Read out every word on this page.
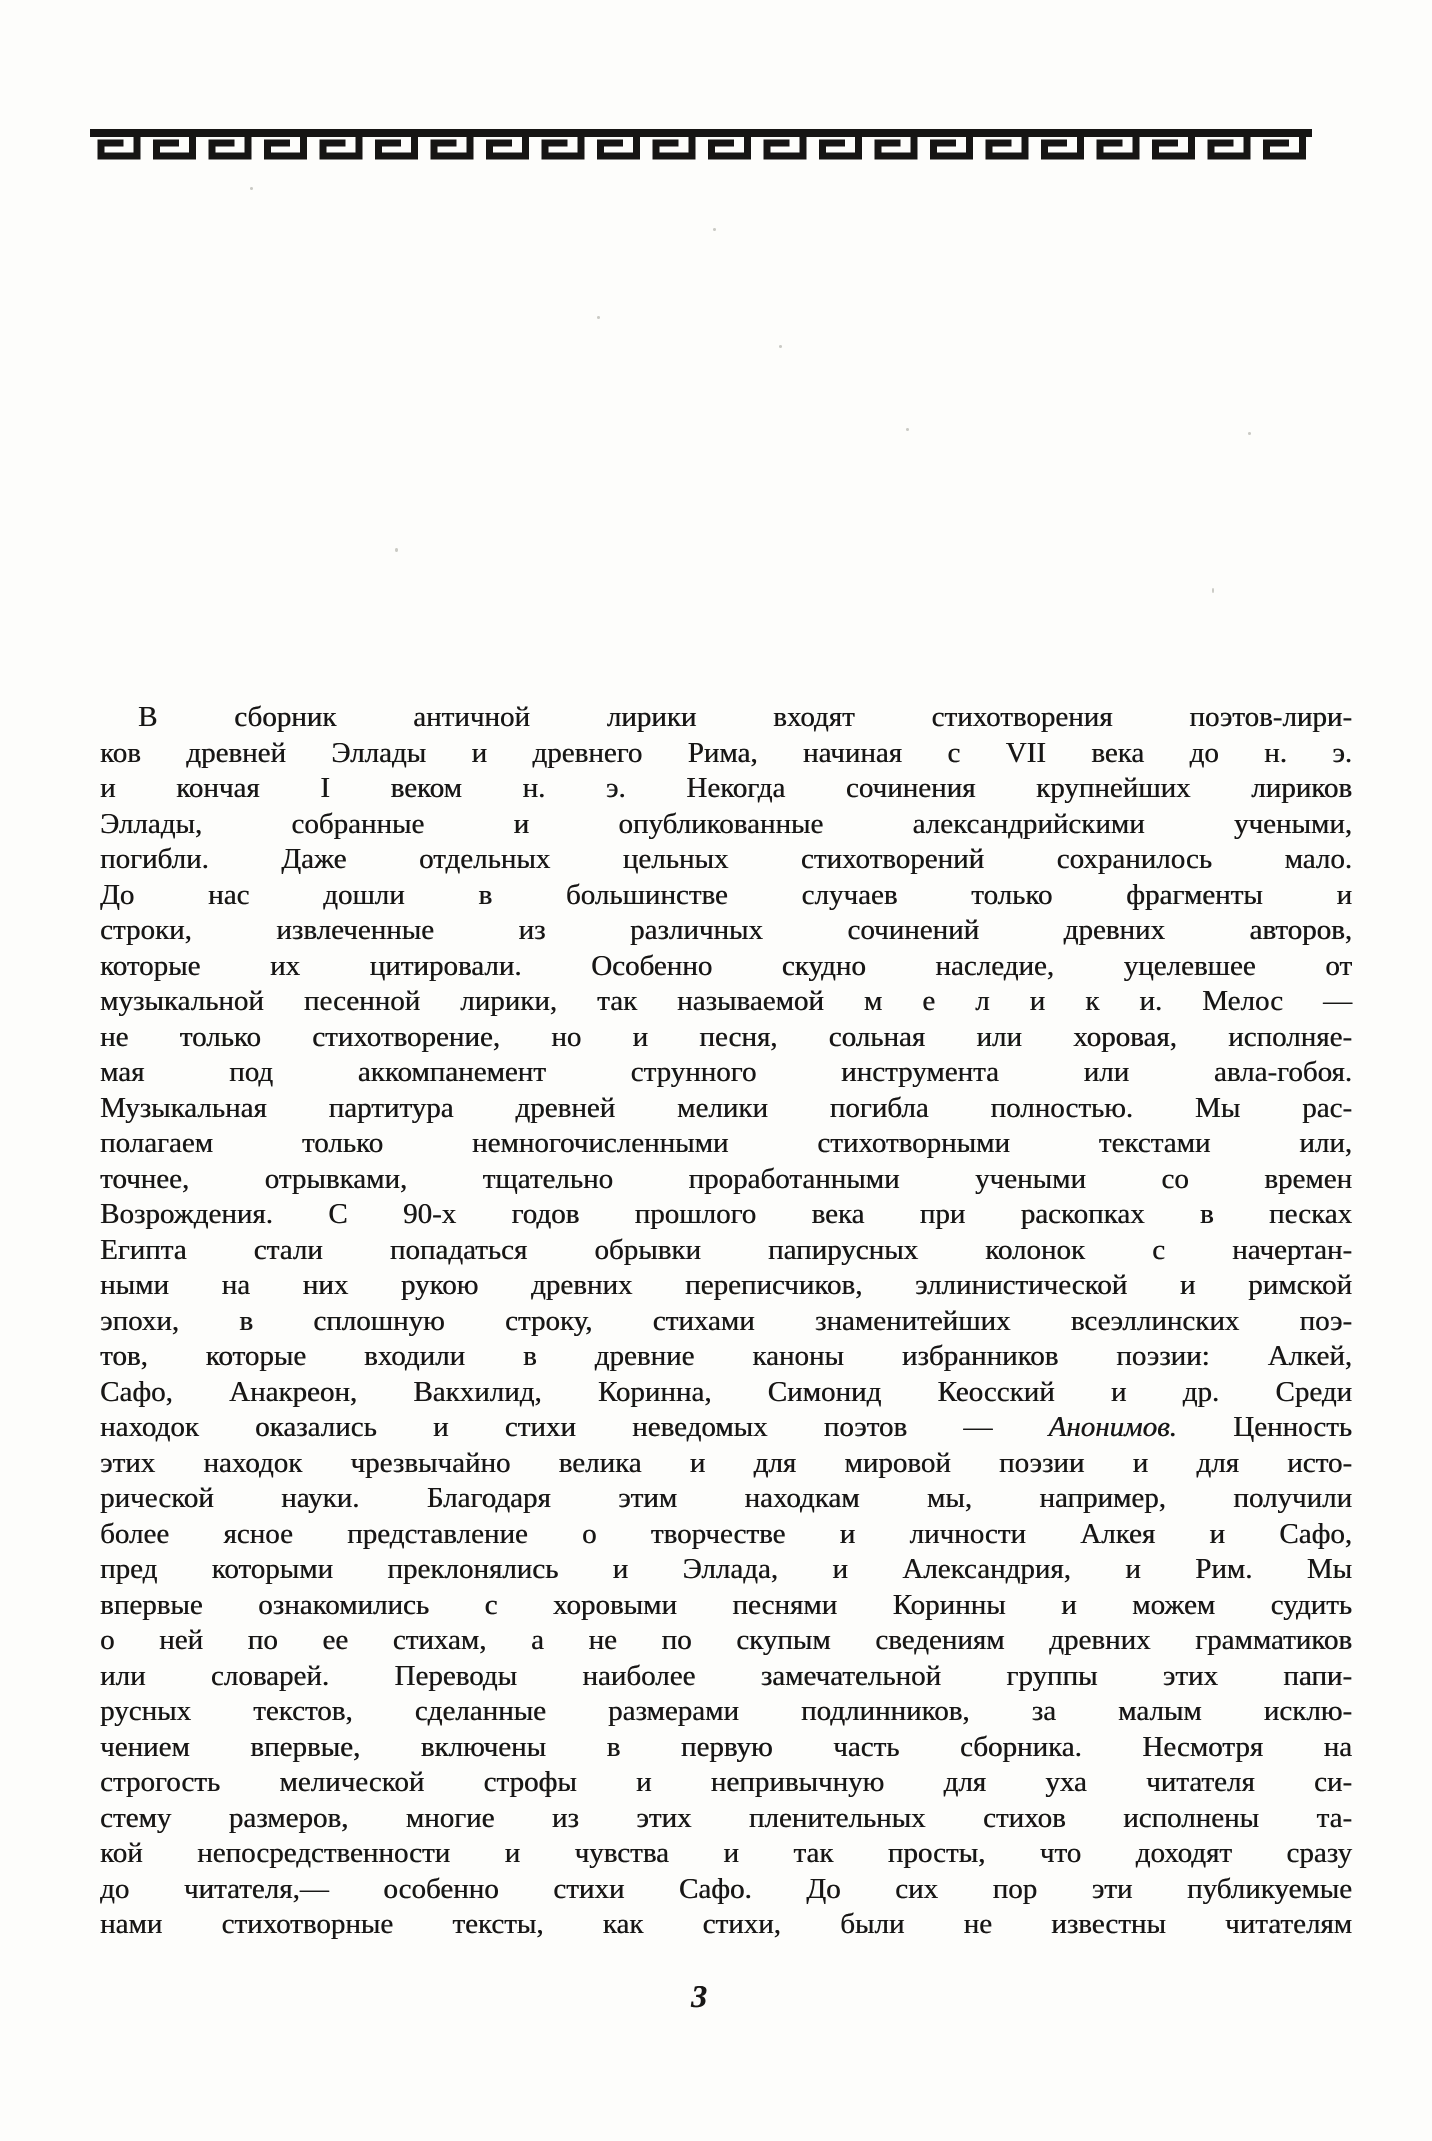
В сборник античной лирики входят стихотворения поэтов-лири-
ков древней Эллады и древнего Рима, начиная с VII века до н. э.
и кончая I веком н. э. Некогда сочинения крупнейших лириков
Эллады, собранные и опубликованные александрийскими учеными,
погибли. Даже отдельных цельных стихотворений сохранилось мало.
До нас дошли в большинстве случаев только фрагменты и
строки, извлеченные из различных сочинений древних авторов,
которые их цитировали. Особенно скудно наследие, уцелевшее от
музыкальной песенной лирики, так называемой м е л и к и. Мелос —
не только стихотворение, но и песня, сольная или хоровая, исполняе-
мая под аккомпанемент струнного инструмента или авла-гобоя.
Музыкальная партитура древней мелики погибла полностью. Мы рас-
полагаем только немногочисленными стихотворными текстами или,
точнее, отрывками, тщательно проработанными учеными со времен
Возрождения. С 90-х годов прошлого века при раскопках в песках
Египта стали попадаться обрывки папирусных колонок с начертан-
ными на них рукою древних переписчиков, эллинистической и римской
эпохи, в сплошную строку, стихами знаменитейших всеэллинских поэ-
тов, которые входили в древние каноны избранников поэзии: Алкей,
Сафо, Анакреон, Вакхилид, Коринна, Симонид Кеосский и др. Среди
находок оказались и стихи неведомых поэтов — Анонимов. Ценность
этих находок чрезвычайно велика и для мировой поэзии и для исто-
рической науки. Благодаря этим находкам мы, например, получили
более ясное представление о творчестве и личности Алкея и Сафо,
пред которыми преклонялись и Эллада, и Александрия, и Рим. Мы
впервые ознакомились с хоровыми песнями Коринны и можем судить
о ней по ее стихам, а не по скупым сведениям древних грамматиков
или словарей. Переводы наиболее замечательной группы этих папи-
русных текстов, сделанные размерами подлинников, за малым исклю-
чением впервые, включены в первую часть сборника. Несмотря на
строгость мелической строфы и непривычную для уха читателя си-
стему размеров, многие из этих пленительных стихов исполнены та-
кой непосредственности и чувства и так просты, что доходят сразу
до читателя,— особенно стихи Сафо. До сих пор эти публикуемые
нами стихотворные тексты, как стихи, были не известны читателям
3
